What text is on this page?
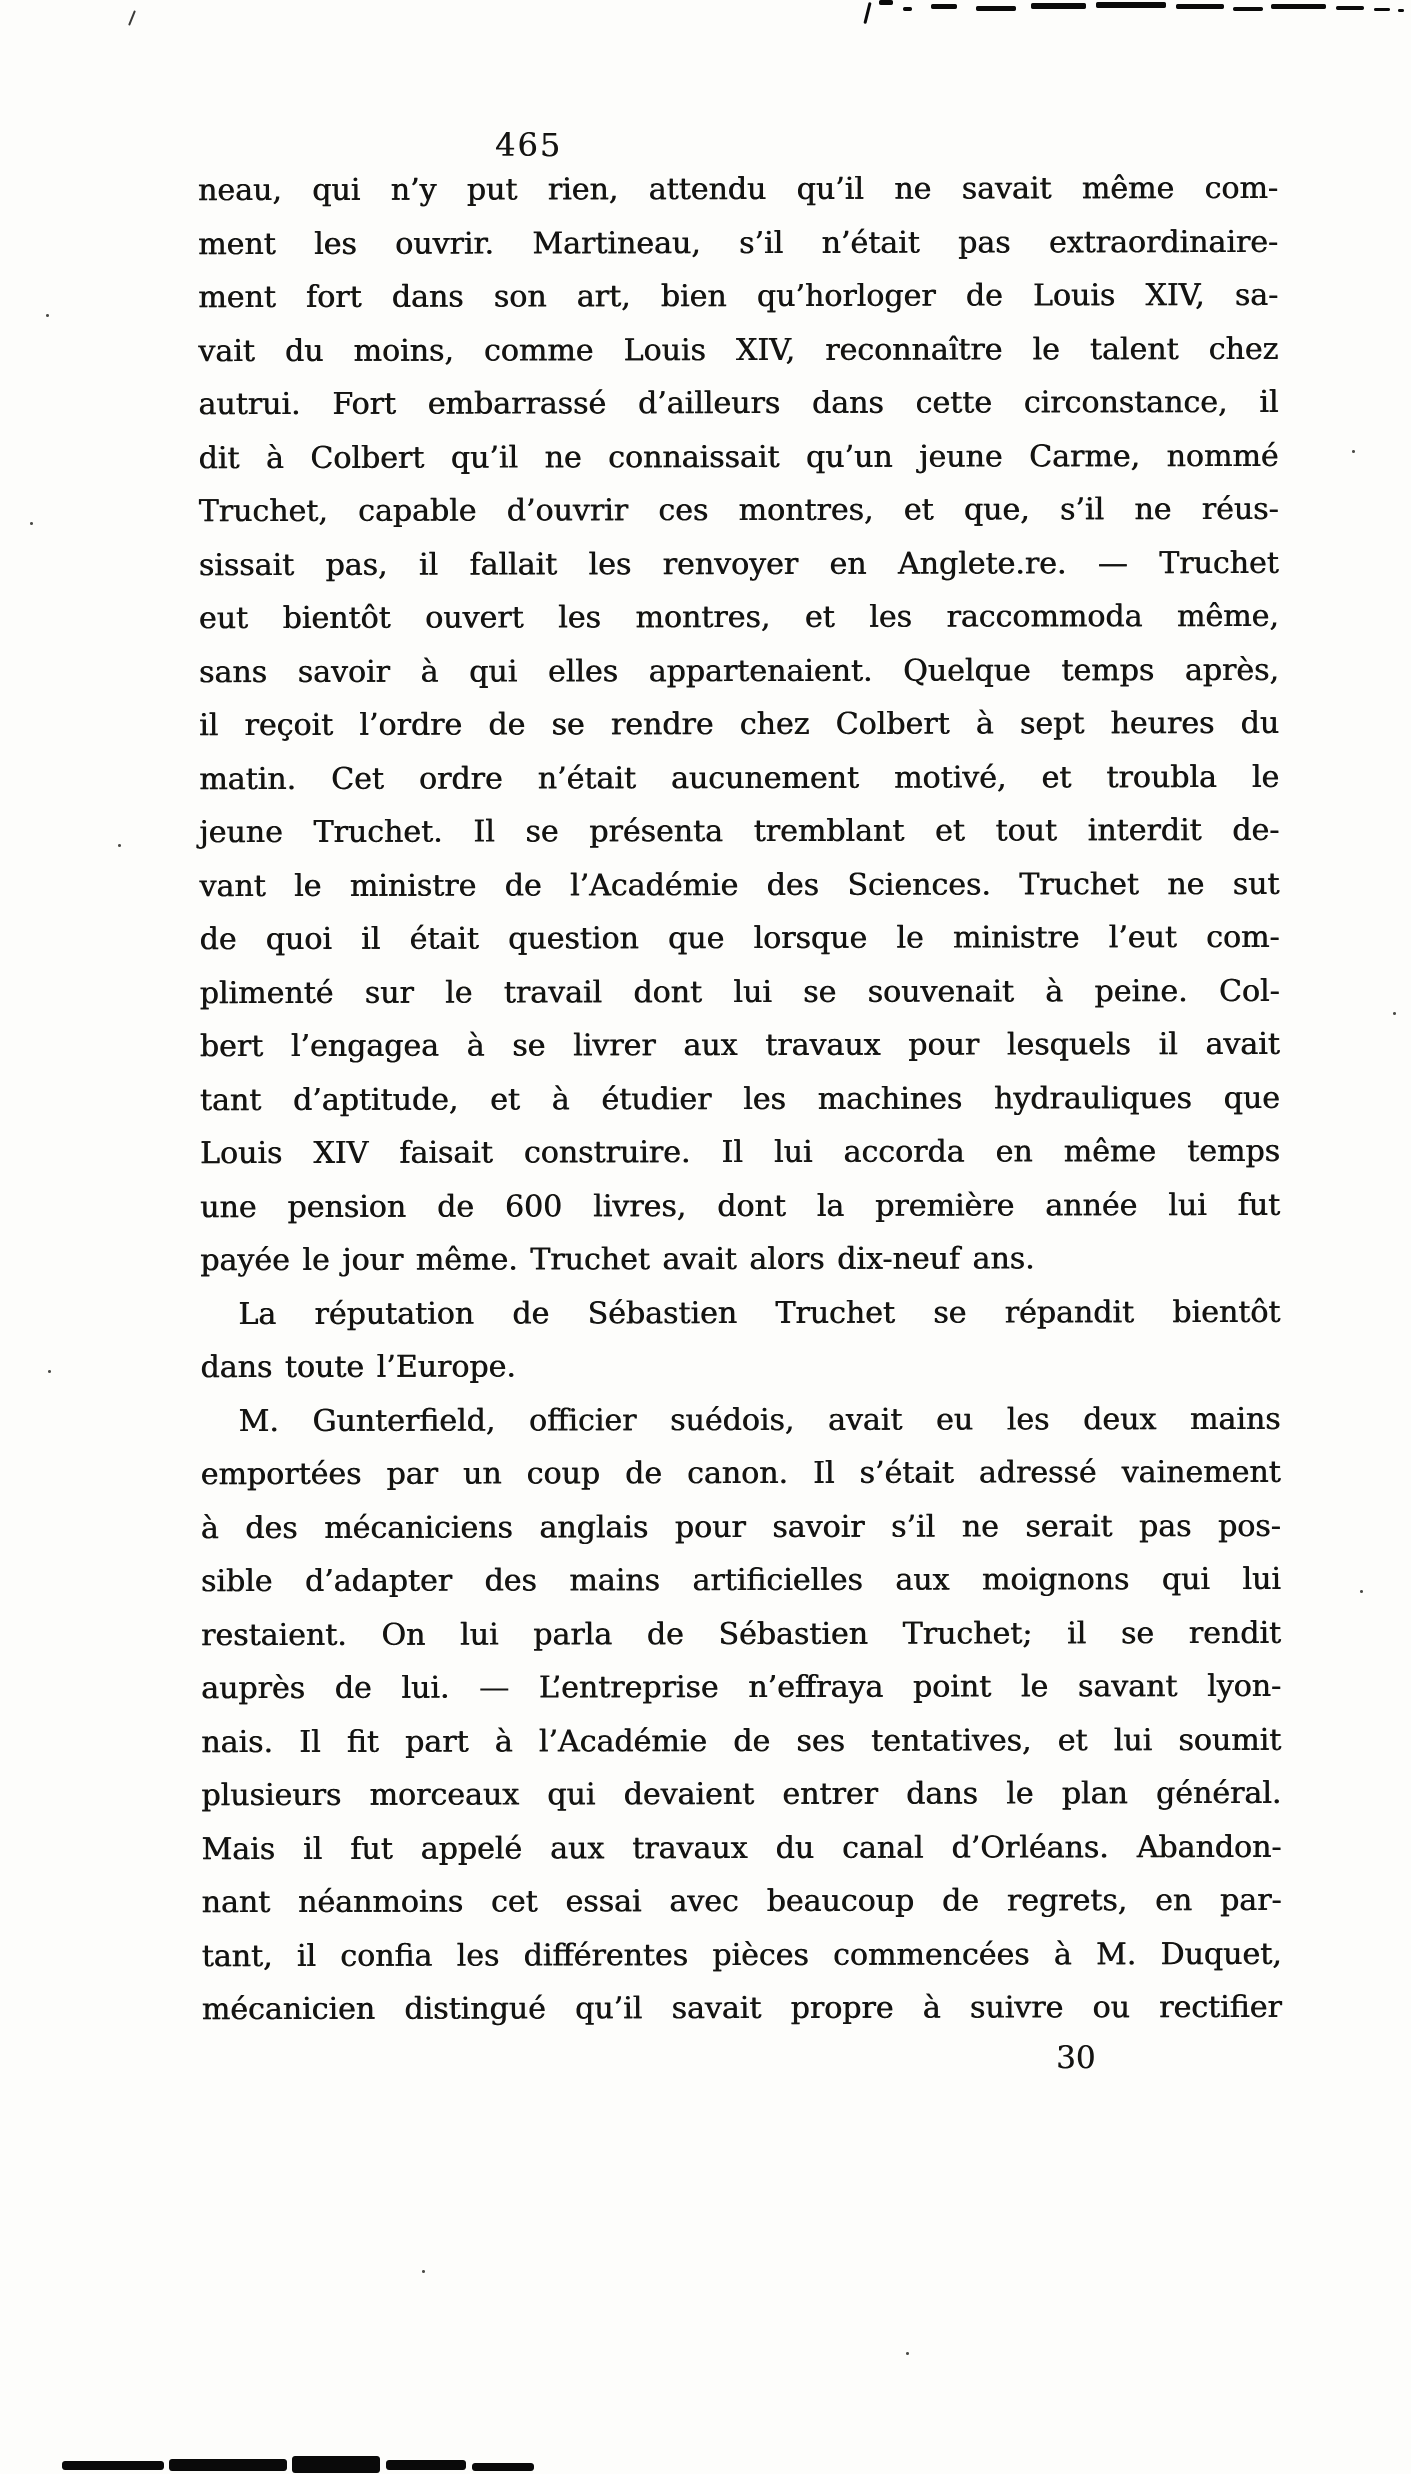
465
neau, qui n’y put rien, attendu qu’il ne savait même com-
ment les ouvrir. Martineau, s’il n’était pas extraordinaire-
ment fort dans son art, bien qu’horloger de Louis XIV, sa-
vait du moins, comme Louis XIV, reconnaître le talent chez
autrui. Fort embarrassé d’ailleurs dans cette circonstance, il
dit à Colbert qu’il ne connaissait qu’un jeune Carme, nommé
Truchet, capable d’ouvrir ces montres, et que, s’il ne réus-
sissait pas, il fallait les renvoyer en Anglete.re. — Truchet
eut bientôt ouvert les montres, et les raccommoda même,
sans savoir à qui elles appartenaient. Quelque temps après,
il reçoit l’ordre de se rendre chez Colbert à sept heures du
matin. Cet ordre n’était aucunement motivé, et troubla le
jeune Truchet. Il se présenta tremblant et tout interdit de-
vant le ministre de l’Académie des Sciences. Truchet ne sut
de quoi il était question que lorsque le ministre l’eut com-
plimenté sur le travail dont lui se souvenait à peine. Col-
bert l’engagea à se livrer aux travaux pour lesquels il avait
tant d’aptitude, et à étudier les machines hydrauliques que
Louis XIV faisait construire. Il lui accorda en même temps
une pension de 600 livres, dont la première année lui fut
payée le jour même. Truchet avait alors dix-neuf ans.
La réputation de Sébastien Truchet se répandit bientôt
dans toute l’Europe.
M. Gunterfield, officier suédois, avait eu les deux mains
emportées par un coup de canon. Il s’était adressé vainement
à des mécaniciens anglais pour savoir s’il ne serait pas pos-
sible d’adapter des mains artificielles aux moignons qui lui
restaient. On lui parla de Sébastien Truchet; il se rendit
auprès de lui. — L’entreprise n’effraya point le savant lyon-
nais. Il fit part à l’Académie de ses tentatives, et lui soumit
plusieurs morceaux qui devaient entrer dans le plan général.
Mais il fut appelé aux travaux du canal d’Orléans. Abandon-
nant néanmoins cet essai avec beaucoup de regrets, en par-
tant, il confia les différentes pièces commencées à M. Duquet,
mécanicien distingué qu’il savait propre à suivre ou rectifier
30
